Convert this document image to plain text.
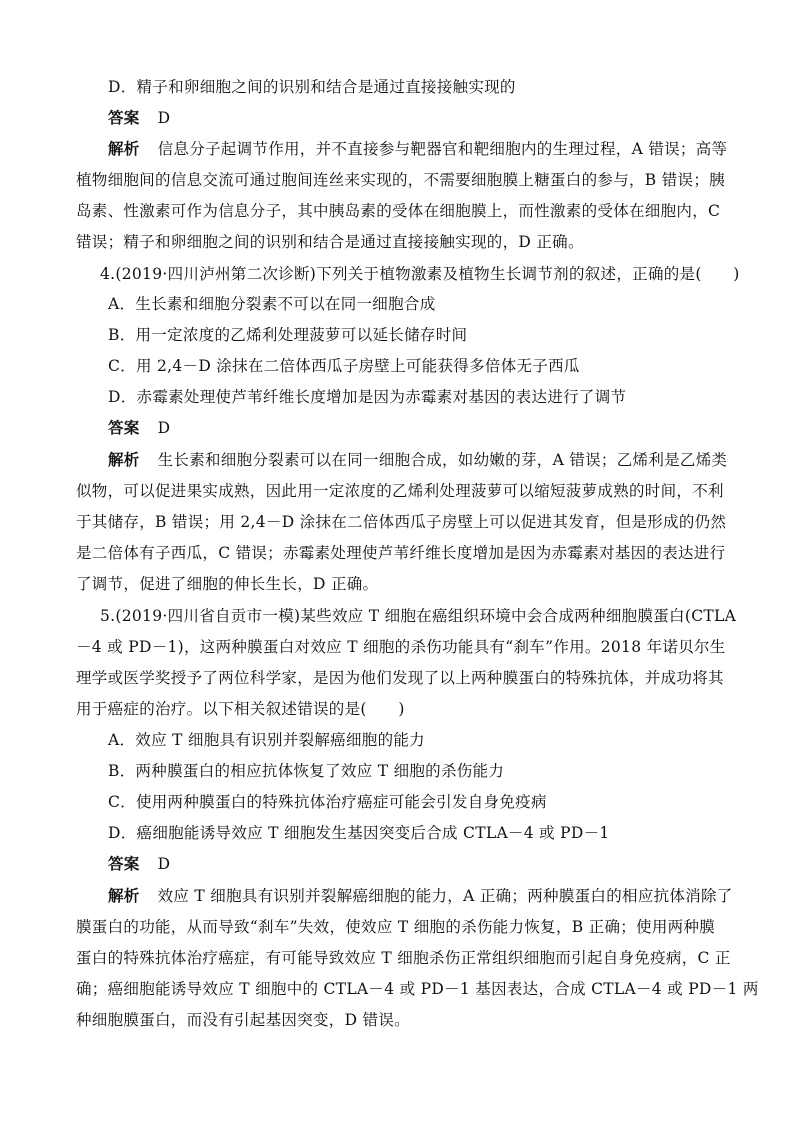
D．精子和卵细胞之间的识别和结合是通过直接接触实现的
答案 D
解析 信息分子起调节作用，并不直接参与靶器官和靶细胞内的生理过程，A 错误；高等
植物细胞间的信息交流可通过胞间连丝来实现的，不需要细胞膜上糖蛋白的参与，B 错误；胰
岛素、性激素可作为信息分子，其中胰岛素的受体在细胞膜上，而性激素的受体在细胞内，C
错误；精子和卵细胞之间的识别和结合是通过直接接触实现的，D 正确。
4.(2019·四川泸州第二次诊断)下列关于植物激素及植物生长调节剂的叙述，正确的是(　　)
A．生长素和细胞分裂素不可以在同一细胞合成
B．用一定浓度的乙烯利处理菠萝可以延长储存时间
C．用 2,4－D 涂抹在二倍体西瓜子房壁上可能获得多倍体无子西瓜
D．赤霉素处理使芦苇纤维长度增加是因为赤霉素对基因的表达进行了调节
答案 D
解析 生长素和细胞分裂素可以在同一细胞合成，如幼嫩的芽，A 错误；乙烯利是乙烯类
似物，可以促进果实成熟，因此用一定浓度的乙烯利处理菠萝可以缩短菠萝成熟的时间，不利
于其储存，B 错误；用 2,4－D 涂抹在二倍体西瓜子房壁上可以促进其发育，但是形成的仍然
是二倍体有子西瓜，C 错误；赤霉素处理使芦苇纤维长度增加是因为赤霉素对基因的表达进行
了调节，促进了细胞的伸长生长，D 正确。
5.(2019·四川省自贡市一模)某些效应 T 细胞在癌组织环境中会合成两种细胞膜蛋白(CTLA
－4 或 PD－1)，这两种膜蛋白对效应 T 细胞的杀伤功能具有“刹车”作用。2018 年诺贝尔生
理学或医学奖授予了两位科学家，是因为他们发现了以上两种膜蛋白的特殊抗体，并成功将其
用于癌症的治疗。以下相关叙述错误的是(　　)
A．效应 T 细胞具有识别并裂解癌细胞的能力
B．两种膜蛋白的相应抗体恢复了效应 T 细胞的杀伤能力
C．使用两种膜蛋白的特殊抗体治疗癌症可能会引发自身免疫病
D．癌细胞能诱导效应 T 细胞发生基因突变后合成 CTLA－4 或 PD－1
答案 D
解析 效应 T 细胞具有识别并裂解癌细胞的能力，A 正确；两种膜蛋白的相应抗体消除了
膜蛋白的功能，从而导致“刹车”失效，使效应 T 细胞的杀伤能力恢复，B 正确；使用两种膜
蛋白的特殊抗体治疗癌症，有可能导致效应 T 细胞杀伤正常组织细胞而引起自身免疫病，C 正
确；癌细胞能诱导效应 T 细胞中的 CTLA－4 或 PD－1 基因表达，合成 CTLA－4 或 PD－1 两
种细胞膜蛋白，而没有引起基因突变，D 错误。
